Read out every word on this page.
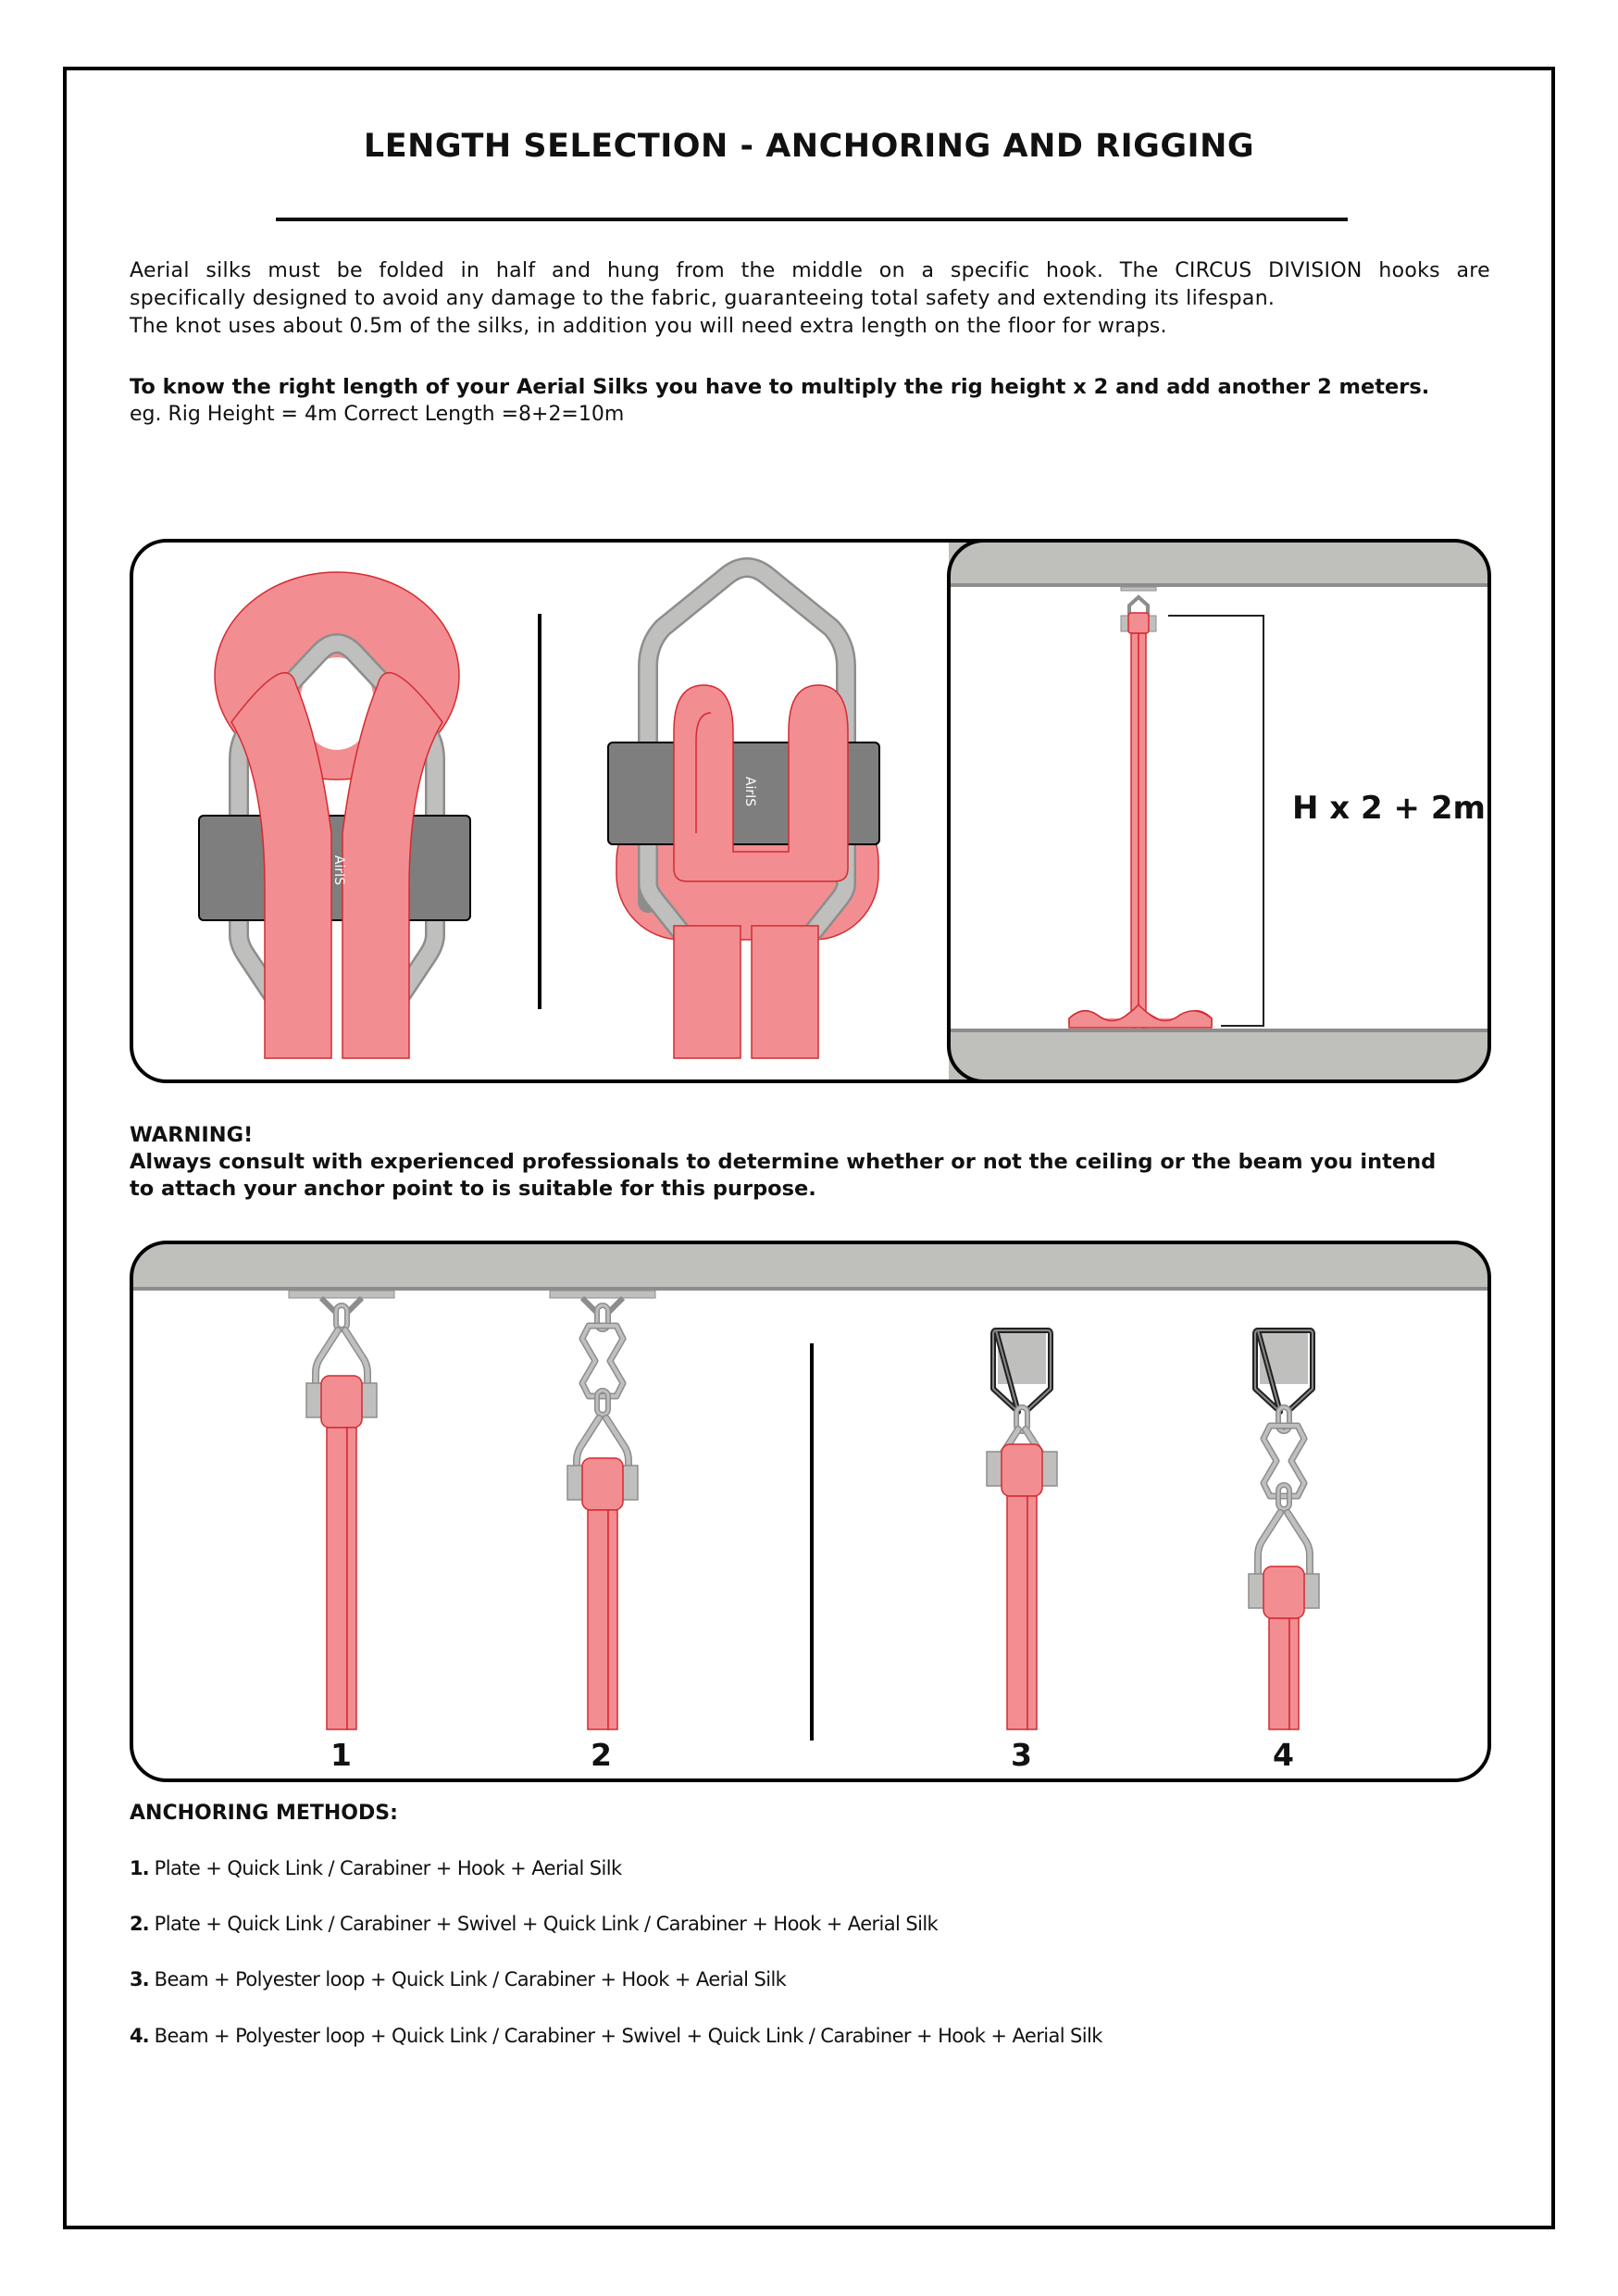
LENGTH SELECTION - ANCHORING AND RIGGING
Aerial silks must be folded in half and hung from the middle on a specific hook. The CIRCUS DIVISION hooks are
specifically designed to avoid any damage to the fabric, guaranteeing total safety and extending its lifespan.
The knot uses about 0.5m of the silks, in addition you will need extra length on the floor for wraps.
To know the right length of your Aerial Silks you have to multiply the rig height x 2 and add another 2 meters.
eg. Rig Height = 4m Correct Length =8+2=10m
AirIS
AirIS	H x 2 + 2m
1	2	3	4
WARNING!
Always consult with experienced professionals to determine whether or not the ceiling or the beam you intend
to attach your anchor point to is suitable for this purpose.
ANCHORING METHODS:
1. Plate + Quick Link / Carabiner + Hook + Aerial Silk
2. Plate + Quick Link / Carabiner + Swivel + Quick Link / Carabiner + Hook + Aerial Silk
3. Beam + Polyester loop + Quick Link / Carabiner + Hook + Aerial Silk
4. Beam + Polyester loop + Quick Link / Carabiner + Swivel + Quick Link / Carabiner + Hook + Aerial Silk
